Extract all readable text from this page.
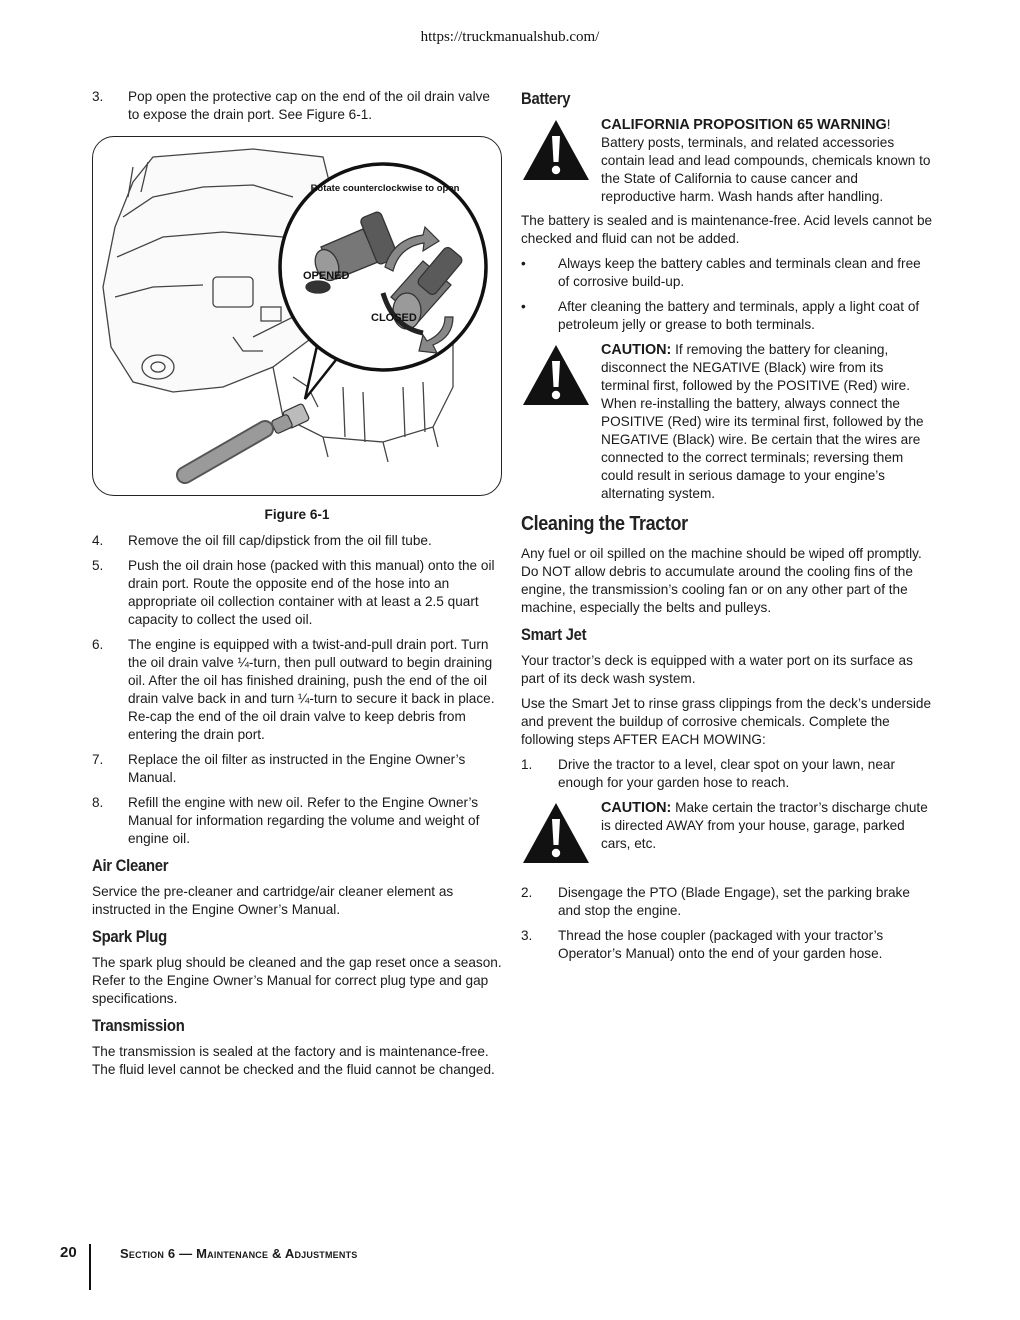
https://truckmanualshub.com/
3.	Pop open the protective cap on the end of the oil drain valve to expose the drain port. See Figure 6-1.
Rotate counterclockwise to open
OPENED
CLOSED
Figure 6-1
4.	Remove the oil fill cap/dipstick from the oil fill tube.
5.	Push the oil drain hose (packed with this manual) onto the oil drain port. Route the opposite end of the hose into an appropriate oil collection container with at least a 2.5 quart capacity to collect the used oil.
6.	The engine is equipped with a twist-and-pull drain port. Turn the oil drain valve ¼-turn, then pull outward to begin draining oil. After the oil has finished draining, push the end of the oil drain valve back in and turn ¼-turn to secure it back in place. Re-cap the end of the oil drain valve to keep debris from entering the drain port.
7.	Replace the oil filter as instructed in the Engine Owner’s Manual.
8.	Refill the engine with new oil. Refer to the Engine Owner’s Manual for information regarding the volume and weight of engine oil.
Air Cleaner
Service the pre-cleaner and cartridge/air cleaner element as instructed in the Engine Owner’s Manual.
Spark Plug
The spark plug should be cleaned and the gap reset once a season. Refer to the Engine Owner’s Manual for correct plug type and gap specifications.
Transmission
The transmission is sealed at the factory and is maintenance-free. The fluid level cannot be checked and the fluid cannot be changed.
Battery
CALIFORNIA PROPOSITION 65 WARNING!
Battery posts, terminals, and related accessories contain lead and lead compounds, chemicals known to the State of California to cause cancer and reproductive harm. Wash hands after handling.
The battery is sealed and is maintenance-free. Acid levels cannot be checked and fluid can not be added.
•	Always keep the battery cables and terminals clean and free of corrosive build-up.
•	After cleaning the battery and terminals, apply a light coat of petroleum jelly or grease to both terminals.
CAUTION: If removing the battery for cleaning, disconnect the NEGATIVE (Black) wire from its terminal first, followed by the POSITIVE (Red) wire. When re-installing the battery, always connect the POSITIVE (Red) wire its terminal first, followed by the NEGATIVE (Black) wire. Be certain that the wires are connected to the correct terminals; reversing them could result in serious damage to your engine’s alternating system.
Cleaning the Tractor
Any fuel or oil spilled on the machine should be wiped off promptly. Do NOT allow debris to accumulate around the cooling fins of the engine, the transmission’s cooling fan or on any other part of the machine, especially the belts and pulleys.
Smart Jet
Your tractor’s deck is equipped with a water port on its surface as part of its deck wash system.
Use the Smart Jet to rinse grass clippings from the deck’s underside and prevent the buildup of corrosive chemicals. Complete the following steps AFTER EACH MOWING:
1.	Drive the tractor to a level, clear spot on your lawn, near enough for your garden hose to reach.
CAUTION: Make certain the tractor’s discharge chute is directed AWAY from your house, garage, parked cars, etc.
2.	Disengage the PTO (Blade Engage), set the parking brake and stop the engine.
3.	Thread the hose coupler (packaged with your tractor’s Operator’s Manual) onto the end of your garden hose.
20	Section 6 — Maintenance & Adjustments
